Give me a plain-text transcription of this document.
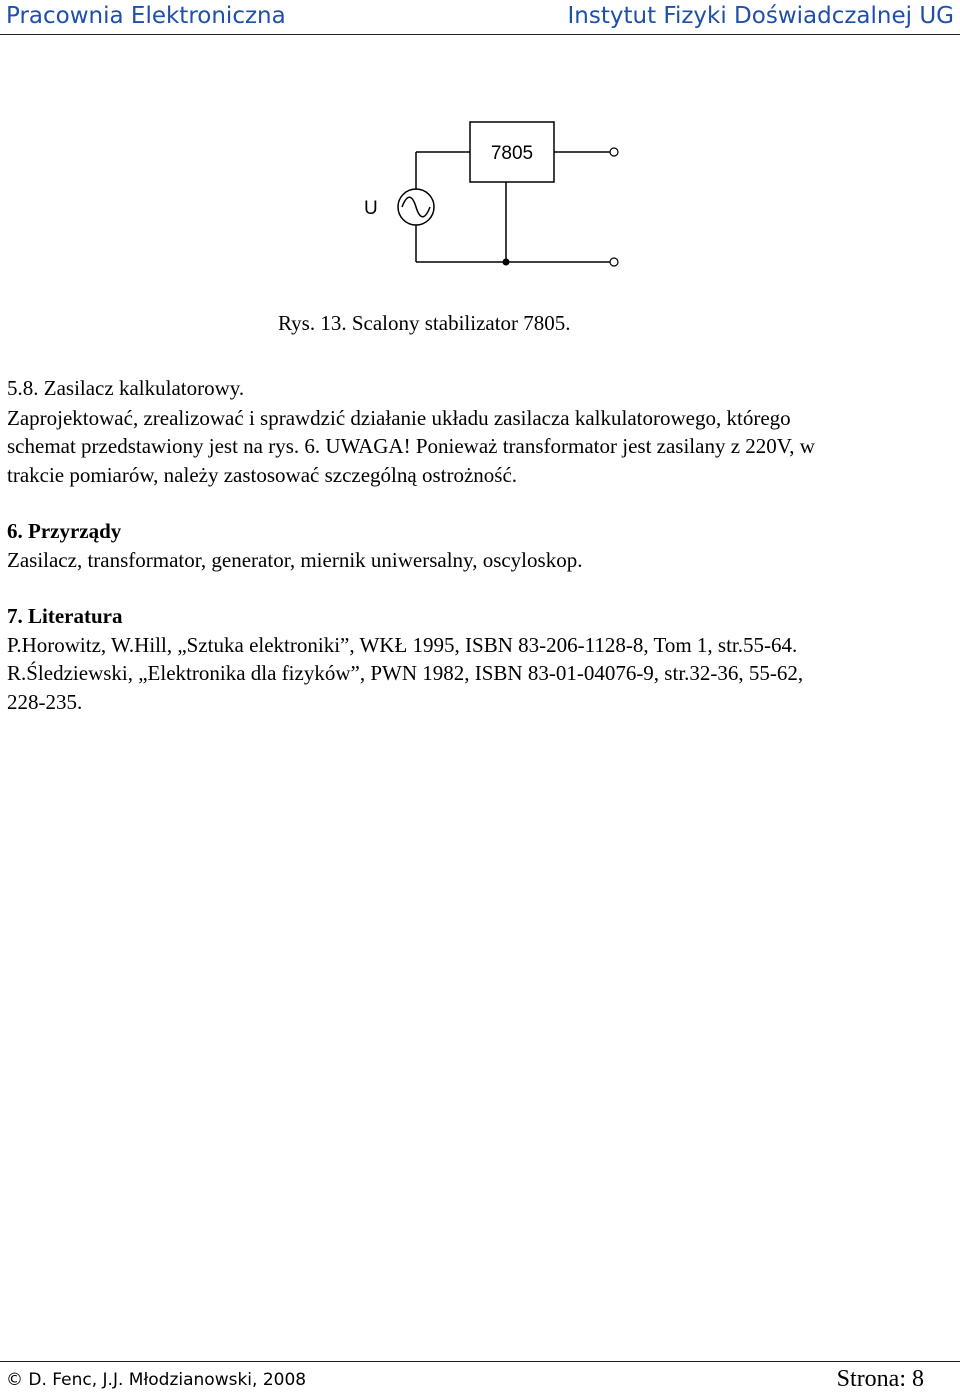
Pracownia Elektroniczna	Instytut Fizyki Doświadczalnej UG
7805
U
Rys. 13. Scalony stabilizator 7805.
5.8. Zasilacz kalkulatorowy.
Zaprojektować, zrealizować i sprawdzić działanie układu zasilacza kalkulatorowego, którego
schemat przedstawiony jest na rys. 6. UWAGA! Ponieważ transformator jest zasilany z 220V, w
trakcie pomiarów, należy zastosować szczególną ostrożność.
6. Przyrządy
Zasilacz, transformator, generator, miernik uniwersalny, oscyloskop.
7. Literatura
P.Horowitz, W.Hill, „Sztuka elektroniki”, WKŁ 1995, ISBN 83-206-1128-8, Tom 1, str.55-64.
R.Śledziewski, „Elektronika dla fizyków”, PWN 1982, ISBN 83-01-04076-9, str.32-36, 55-62,
228-235.
© D. Fenc, J.J. Młodzianowski, 2008	Strona: 8
